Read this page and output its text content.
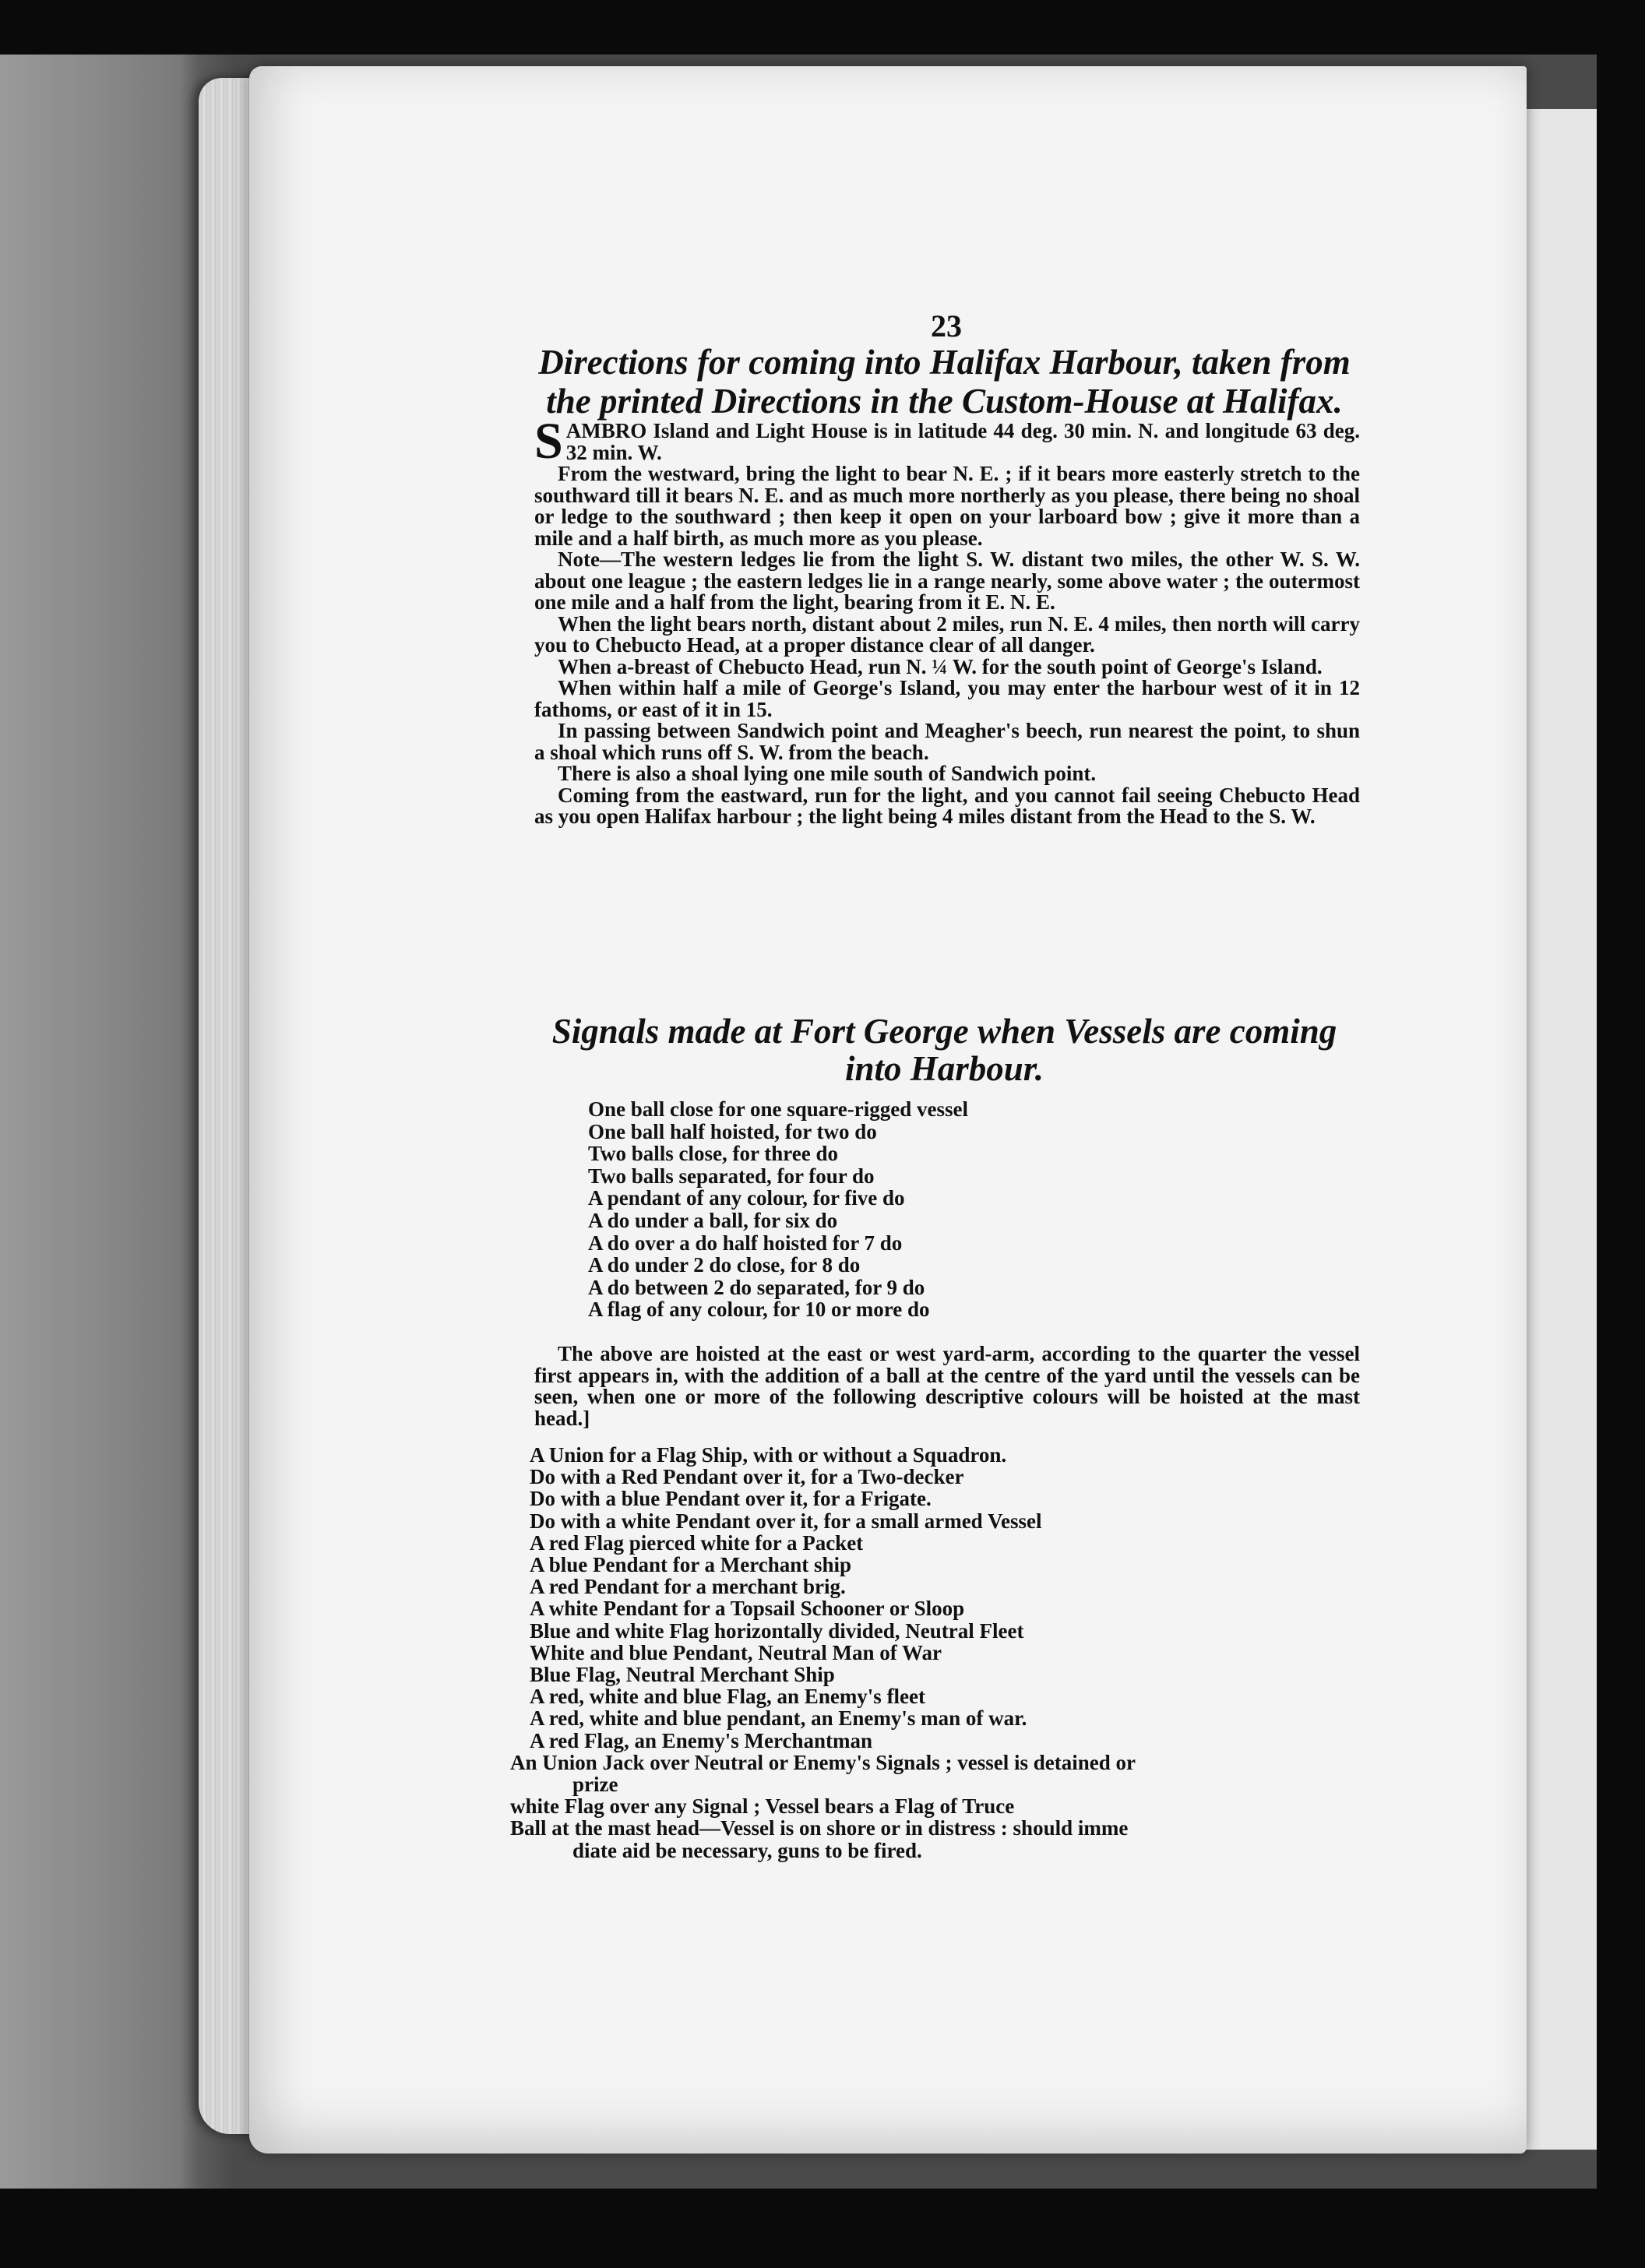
23
Directions for coming into Halifax Harbour, taken from the printed Directions in the Custom-House at Halifax.

SAMBRO Island and Light House is in latitude 44 deg. 30 min. N. and longitude 63 deg. 32 min. W.

From the westward, bring the light to bear N. E. ; if it bears more easterly stretch to the southward till it bears N. E. and as much more northerly as you please, there being no shoal or ledge to the southward ; then keep it open on your larboard bow ; give it more than a mile and a half birth, as much more as you please.

Note—The western ledges lie from the light S. W. distant two miles, the other W. S. W. about one league ; the eastern ledges lie in a range nearly, some above water ; the outermost one mile and a half from the light, bearing from it E. N. E.

When the light bears north, distant about 2 miles, run N. E. 4 miles, then north will carry you to Chebucto Head, at a proper distance clear of all danger.

When a-breast of Chebucto Head, run N. ¼ W. for the south point of George's Island.

When within half a mile of George's Island, you may enter the harbour west of it in 12 fathoms, or east of it in 15.

In passing between Sandwich point and Meagher's beech, run nearest the point, to shun a shoal which runs off S. W. from the beach.

There is also a shoal lying one mile south of Sandwich point.

Coming from the eastward, run for the light, and you cannot fail seeing Chebucto Head as you open Halifax harbour ; the light being 4 miles distant from the Head to the S. W.

Signals made at Fort George when Vessels are coming into Harbour.
One ball close for one square-rigged vessel
One ball half hoisted, for two do
Two balls close, for three do
Two balls separated, for four do
A pendant of any colour, for five do
A do under a ball, for six do
A do over a do half hoisted for 7 do
A do under 2 do close, for 8 do
A do between 2 do separated, for 9 do
A flag of any colour, for 10 or more do

The above are hoisted at the east or west yard-arm, according to the quarter the vessel first appears in, with the addition of a ball at the centre of the yard until the vessels can be seen, when one or more of the following descriptive colours will be hoisted at the mast head.]

A Union for a Flag Ship, with or without a Squadron.
Do with a Red Pendant over it, for a Two-decker
Do with a blue Pendant over it, for a Frigate.
Do with a white Pendant over it, for a small armed Vessel
A red Flag pierced white for a Packet
A blue Pendant for a Merchant ship
A red Pendant for a merchant brig.
A white Pendant for a Topsail Schooner or Sloop
Blue and white Flag horizontally divided, Neutral Fleet
White and blue Pendant, Neutral Man of War
Blue Flag, Neutral Merchant Ship
A red, white and blue Flag, an Enemy's fleet
A red, white and blue pendant, an Enemy's man of war.
A red Flag, an Enemy's Merchantman
An Union Jack over Neutral or Enemy's Signals ; vessel is detained or
prize
white Flag over any Signal ; Vessel bears a Flag of Truce
Ball at the mast head—Vessel is on shore or in distress : should imme
diate aid be necessary, guns to be fired.
